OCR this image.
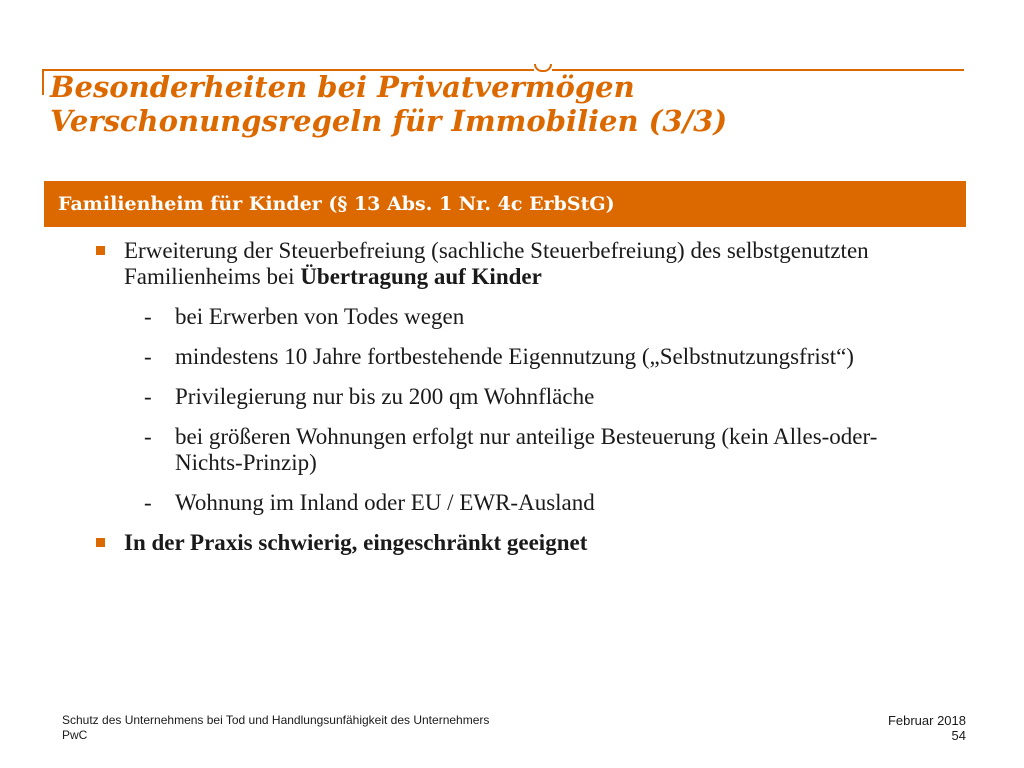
Besonderheiten bei Privatvermögen
Verschonungsregeln für Immobilien (3/3)
Familienheim für Kinder (§ 13 Abs. 1 Nr. 4c ErbStG)
Erweiterung der Steuerbefreiung (sachliche Steuerbefreiung) des selbstgenutzten Familienheims bei Übertragung auf Kinder
- bei Erwerben von Todes wegen
- mindestens 10 Jahre fortbestehende Eigennutzung („Selbstnutzungsfrist“)
- Privilegierung nur bis zu 200 qm Wohnfläche
- bei größeren Wohnungen erfolgt nur anteilige Besteuerung (kein Alles-oder-Nichts-Prinzip)
- Wohnung im Inland oder EU / EWR-Ausland
In der Praxis schwierig, eingeschränkt geeignet
Schutz des Unternehmens bei Tod und Handlungsunfähigkeit des Unternehmers
PwC
Februar 2018
54
